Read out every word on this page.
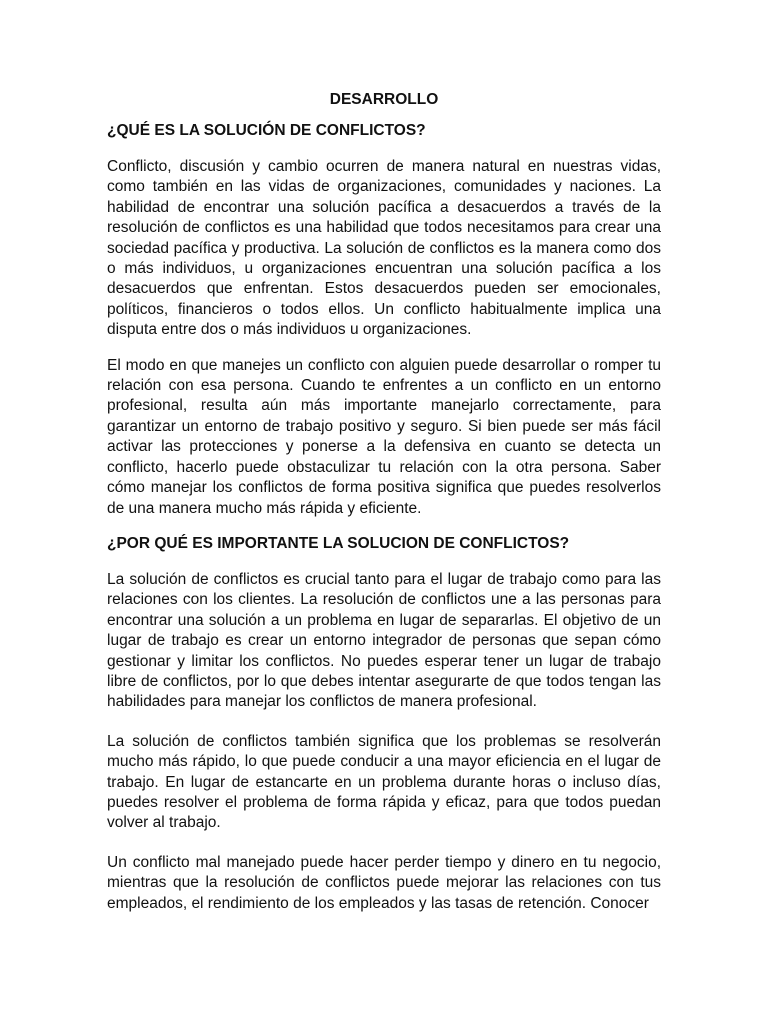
DESARROLLO
¿QUÉ ES LA SOLUCIÓN DE CONFLICTOS?

Conflicto, discusión y cambio ocurren de manera natural en nuestras vidas, como también en las vidas de organizaciones, comunidades y naciones. La habilidad de encontrar una solución pacífica a desacuerdos a través de la resolución de conflictos es una habilidad que todos necesitamos para crear una sociedad pacífica y productiva. La solución de conflictos es la manera como dos o más individuos, u organizaciones encuentran una solución pacífica a los desacuerdos que enfrentan. Estos desacuerdos pueden ser emocionales, políticos, financieros o todos ellos. Un conflicto habitualmente implica una disputa entre dos o más individuos u organizaciones.

El modo en que manejes un conflicto con alguien puede desarrollar o romper tu relación con esa persona. Cuando te enfrentes a un conflicto en un entorno profesional, resulta aún más importante manejarlo correctamente, para garantizar un entorno de trabajo positivo y seguro. Si bien puede ser más fácil activar las protecciones y ponerse a la defensiva en cuanto se detecta un conflicto, hacerlo puede obstaculizar tu relación con la otra persona. Saber cómo manejar los conflictos de forma positiva significa que puedes resolverlos de una manera mucho más rápida y eficiente.

¿POR QUÉ ES IMPORTANTE LA SOLUCION DE CONFLICTOS?

La solución de conflictos es crucial tanto para el lugar de trabajo como para las relaciones con los clientes. La resolución de conflictos une a las personas para encontrar una solución a un problema en lugar de separarlas. El objetivo de un lugar de trabajo es crear un entorno integrador de personas que sepan cómo gestionar y limitar los conflictos. No puedes esperar tener un lugar de trabajo libre de conflictos, por lo que debes intentar asegurarte de que todos tengan las habilidades para manejar los conflictos de manera profesional.

La solución de conflictos también significa que los problemas se resolverán mucho más rápido, lo que puede conducir a una mayor eficiencia en el lugar de trabajo. En lugar de estancarte en un problema durante horas o incluso días, puedes resolver el problema de forma rápida y eficaz, para que todos puedan volver al trabajo.

Un conflicto mal manejado puede hacer perder tiempo y dinero en tu negocio, mientras que la resolución de conflictos puede mejorar las relaciones con tus empleados, el rendimiento de los empleados y las tasas de retención. Conocer
